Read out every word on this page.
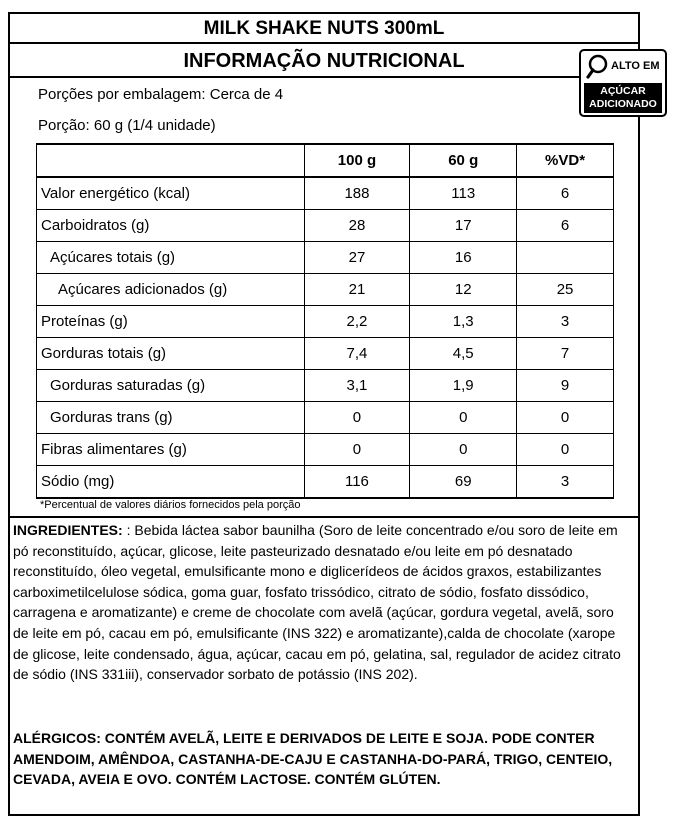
MILK SHAKE NUTS 300mL
INFORMAÇÃO NUTRICIONAL
Porções por embalagem: Cerca de 4
Porção: 60 g (1/4 unidade)
	100 g	60 g	%VD*
Valor energético (kcal)	188	113	6
Carboidratos (g)	28	17	6
Açúcares totais (g)	27	16	
Açúcares adicionados (g)	21	12	25
Proteínas (g)	2,2	1,3	3
Gorduras totais (g)	7,4	4,5	7
Gorduras saturadas (g)	3,1	1,9	9
Gorduras trans (g)	0	0	0
Fibras alimentares (g)	0	0	0
Sódio (mg)	116	69	3
*Percentual de valores diários fornecidos pela porção
INGREDIENTES: : Bebida láctea sabor baunilha (Soro de leite concentrado e/ou soro de leite em pó reconstituído, açúcar, glicose, leite pasteurizado desnatado e/ou leite em pó desnatado reconstituído, óleo vegetal, emulsificante mono e diglicerídeos de ácidos graxos, estabilizantes carboximetilcelulose sódica, goma guar, fosfato trissódico, citrato de sódio, fosfato dissódico, carragena e aromatizante) e creme de chocolate com avelã (açúcar, gordura vegetal, avelã, soro de leite em pó, cacau em pó, emulsificante (INS 322) e aromatizante),calda de chocolate (xarope de glicose, leite condensado, água, açúcar, cacau em pó, gelatina, sal, regulador de acidez citrato de sódio (INS 331iii), conservador sorbato de potássio (INS 202).
ALÉRGICOS: CONTÉM AVELÃ, LEITE E DERIVADOS DE LEITE E SOJA. PODE CONTER AMENDOIM, AMÊNDOA, CASTANHA-DE-CAJU E CASTANHA-DO-PARÁ, TRIGO, CENTEIO, CEVADA, AVEIA E OVO. CONTÉM LACTOSE. CONTÉM GLÚTEN.
ALTO EM
AÇÚCAR
ADICIONADO
